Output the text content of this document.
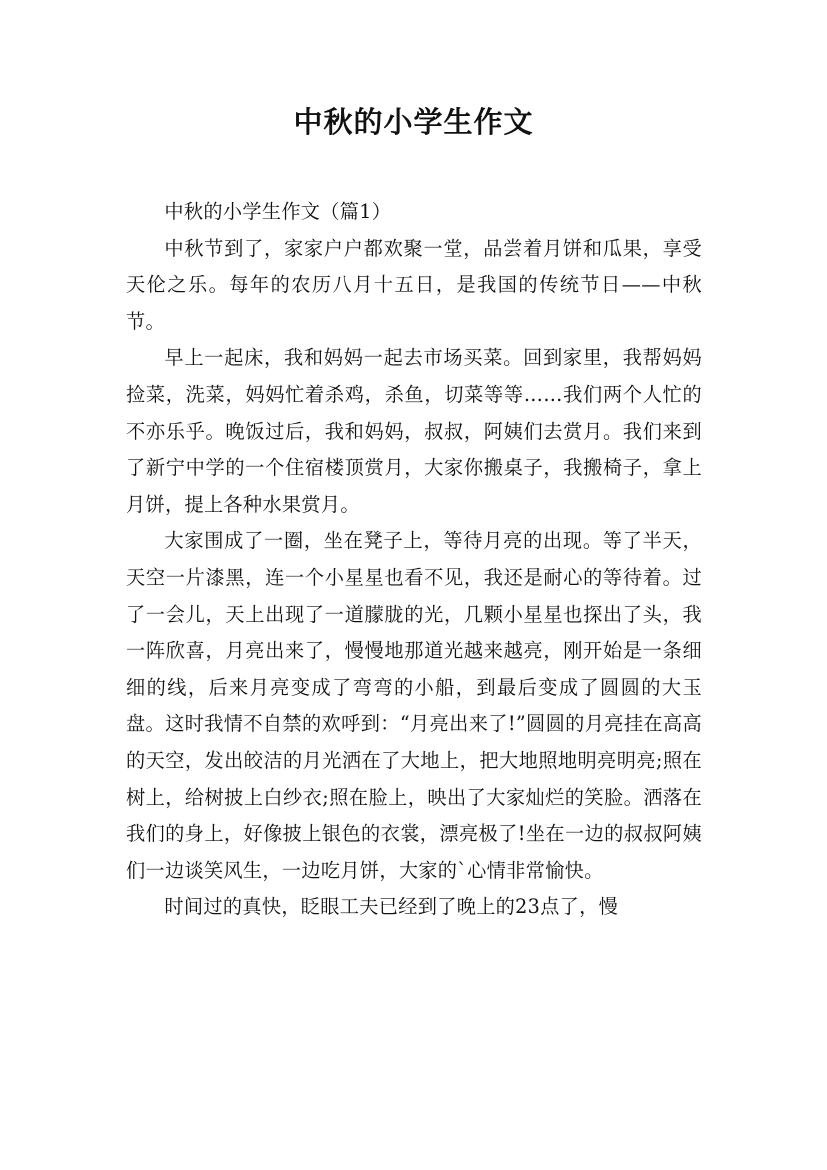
中秋的小学生作文

中秋的小学生作文（篇1）

中秋节到了，家家户户都欢聚一堂，品尝着月饼和瓜果，享受天伦之乐。每年的农历八月十五日，是我国的传统节日——中秋节。

早上一起床，我和妈妈一起去市场买菜。回到家里，我帮妈妈捡菜，洗菜，妈妈忙着杀鸡，杀鱼，切菜等等……我们两个人忙的不亦乐乎。晚饭过后，我和妈妈，叔叔，阿姨们去赏月。我们来到了新宁中学的一个住宿楼顶赏月，大家你搬桌子，我搬椅子，拿上月饼，提上各种水果赏月。

大家围成了一圈，坐在凳子上，等待月亮的出现。等了半天，天空一片漆黑，连一个小星星也看不见，我还是耐心的等待着。过了一会儿，天上出现了一道朦胧的光，几颗小星星也探出了头，我一阵欣喜，月亮出来了，慢慢地那道光越来越亮，刚开始是一条细细的线，后来月亮变成了弯弯的小船，到最后变成了圆圆的大玉盘。这时我情不自禁的欢呼到：“月亮出来了!”圆圆的月亮挂在高高的天空，发出皎洁的月光洒在了大地上，把大地照地明亮明亮;照在树上，给树披上白纱衣;照在脸上，映出了大家灿烂的笑脸。洒落在我们的身上，好像披上银色的衣裳，漂亮极了!坐在一边的叔叔阿姨们一边谈笑风生，一边吃月饼，大家的`心情非常愉快。

时间过的真快，眨眼工夫已经到了晚上的23点了，慢
